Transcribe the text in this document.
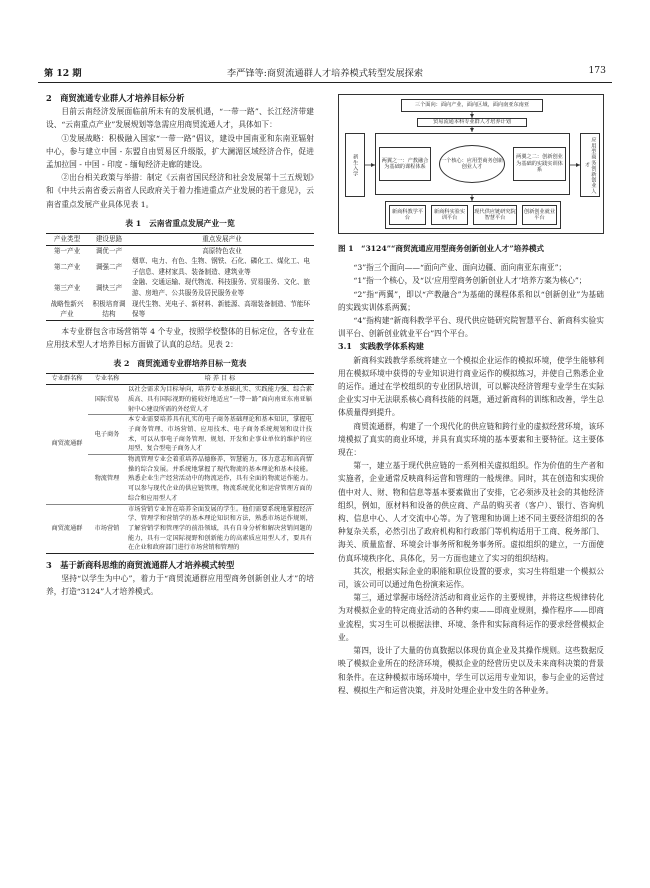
第 12 期	李严锋等:商贸流通群人才培养模式转型发展探索	173
2　商贸流通专业群人才培养目标分析

目前云南经济发展面临前所未有的发展机遇，“一带一路”、长江经济带建设、“云南重点产业”发展规划等急需应用商贸流通人才，具体如下：

①发展战略：积极融入国家“一带一路”倡议，建设中国南亚和东南亚辐射中心，参与建立中国 - 东盟自由贸易区升级版，扩大澜湄区域经济合作，促进孟加拉国 - 中国 - 印度 - 缅甸经济走廊的建设。

②出台相关政策与举措：制定《云南省国民经济和社会发展第十三五规划》和《中共云南省委云南省人民政府关于着力推进重点产业发展的若干意见》，云南省重点发展产业具体见表 1。

表 1　云南省重点发展产业一览
产业类型	建设思路	重点发展产业
第一产业	调优一产	高原特色农业
第二产业	调强二产	烟草、电力、有色、生物、钢铁、石化、磷化工、煤化工、电子信息、建材家具、装备制造、建筑业等
第三产业	调快三产	金融、交通运输、现代物流、科技服务、贸易服务、文化、旅游、房地产、公共服务及居民服务业等
战略性新兴产业	积极培育调结构	现代生物、光电子、新材料、新能源、高端装备制造、节能环保等

本专业群包含市场营销等 4 个专业，按照学校整体的目标定位，各专业在应用技术型人才培养目标方面做了认真的总结。见表 2：

表 2　商贸流通专业群培养目标一览表
专业群名称	专业名称	培 养 目 标
商贸流通群	国际贸易	以社会需求为目标导向，培养专业基础扎实、实践能力强、综合素质高、具有国际视野的能较好地适应“一带一路”面向南亚东南亚辐射中心建设所需的外经贸人才
	电子商务	本专业需要培养具有扎实的电子商务基础理论和基本知识，掌握电子商务管理、市场营销、应用技术、电子商务系统规划和设计技术，可以从事电子商务管理、规划、开发和企事业单位的维护的应用型、复合型电子商务人才
	物流管理	物流管理专业会着重培养品德修养，智慧能力，体力意志和高尚情操的综合发展。并系统地掌握了现代物流的基本理论和基本技能。熟悉企业生产经营活动中的物流运作，具有全面的物流运作能力。可以参与现代企业的供应链管理，物流系统优化和运营管理方面的综合和应用型人才
商贸流通群	市场营销	市场营销专业旨在培养全面发展的学生。他们需要系统地掌握经济学、管理学和营销学的基本理论知识和方法，熟悉市场运作规则，了解营销学和管理学的前沿领域，具有自身分析和解决营销问题的能力，具有一定国际视野和创新能力的高素质应用型人才，要具有在企业和政府部门进行市场营销和管理的
3　基于新商科思维的商贸流通群人才培养模式转型

坚持“以学生为中心”，着力于“商贸流通群应用型商务创新创业人才”的培养，打造“3124”人才培养模式。

三个面向：面向产业，面向区域，面向南亚东南亚
贸易流通本科专业群人才培养计划
新生入学	应用型商务创新创业人才
两翼之一：产教融合为基础的课程体系
一个核心：应用型商务创新创业人才
两翼之二：创新创业为基础的实践实训体系
新商科教学平台
新商科实验实训平台
现代供应链研究院智慧平台
创新创业就业平台
图 1　“3124”“商贸流通应用型商务创新创业人才”培养模式

“3”指三个面向——“面向产业、面向边疆、面向南亚东南亚”；

“1”指一个核心，及“以‘应用型商务创新创业人才’培养方案为核心”；

“2”指“两翼”，即以“产教融合”为基础的课程体系和以“创新创业”为基础的实践实训体系两翼；

“4”指构建“新商科教学平台、现代供应链研究院智慧平台、新商科实验实训平台、创新创业就业平台”四个平台。

3.1　实践教学体系构建

新商科实践教学系统将建立一个模拟企业运作的模拟环境，使学生能够利用在模拟环境中获得的专业知识进行商业运作的模拟练习，并使自己熟悉企业的运作。通过在学校组织的专业团队培训，可以解决经济管理专业学生在实际企业实习中无法联系核心商科技能的问题，通过新商科的训练和改善，学生总体质量得到提升。

商贸流通群，构建了一个现代化的供应链和跨行业的虚拟经营环境，该环境模拟了真实的商业环境，并具有真实环境的基本要素和主要特征。这主要体现在：

第一，建立基于现代供应链的一系列相关虚拟组织。作为价值的生产者和实施者，企业通常反映商科运营和管理的一般规律。同时，其在创造和实现价值中对人、财、物和信息等基本要素做出了安排，它必须涉及社会的其他经济组织，例如，原材料和设备的供应商、产品的购买者（客户）、银行、咨询机构、信息中心、人才交流中心等。为了管理和协调上述不同主要经济组织的各种复杂关系，必然引出了政府机构和行政部门等机构适用于工商、税务部门、海关、质量监督、环境会计事务所和税务事务所。虚拟组织的建立，一方面使仿真环境秩序化、具体化，另一方面也建立了实习的组织结构。

其次，根据实际企业的职能和职位设置的要求，实习生将组建一个模拟公司，该公司可以通过角色扮演来运作。

第三，通过掌握市场经济活动和商业运作的主要规律，并将这些规律转化为对模拟企业的特定商业活动的各种约束——即商业规则，操作程序——即商业流程，实习生可以根据法律、环境、条件和实际商科运作的要求经营模拟企业。

第四，设计了大量的仿真数据以体现仿真企业及其操作规则。这些数据反映了模拟企业所在的经济环境，模拟企业的经营历史以及未来商科决策的背景和条件。在这种模拟市场环境中，学生可以运用专业知识，参与企业的运营过程、模拟生产和运营决策，并及时处理企业中发生的各种业务。
